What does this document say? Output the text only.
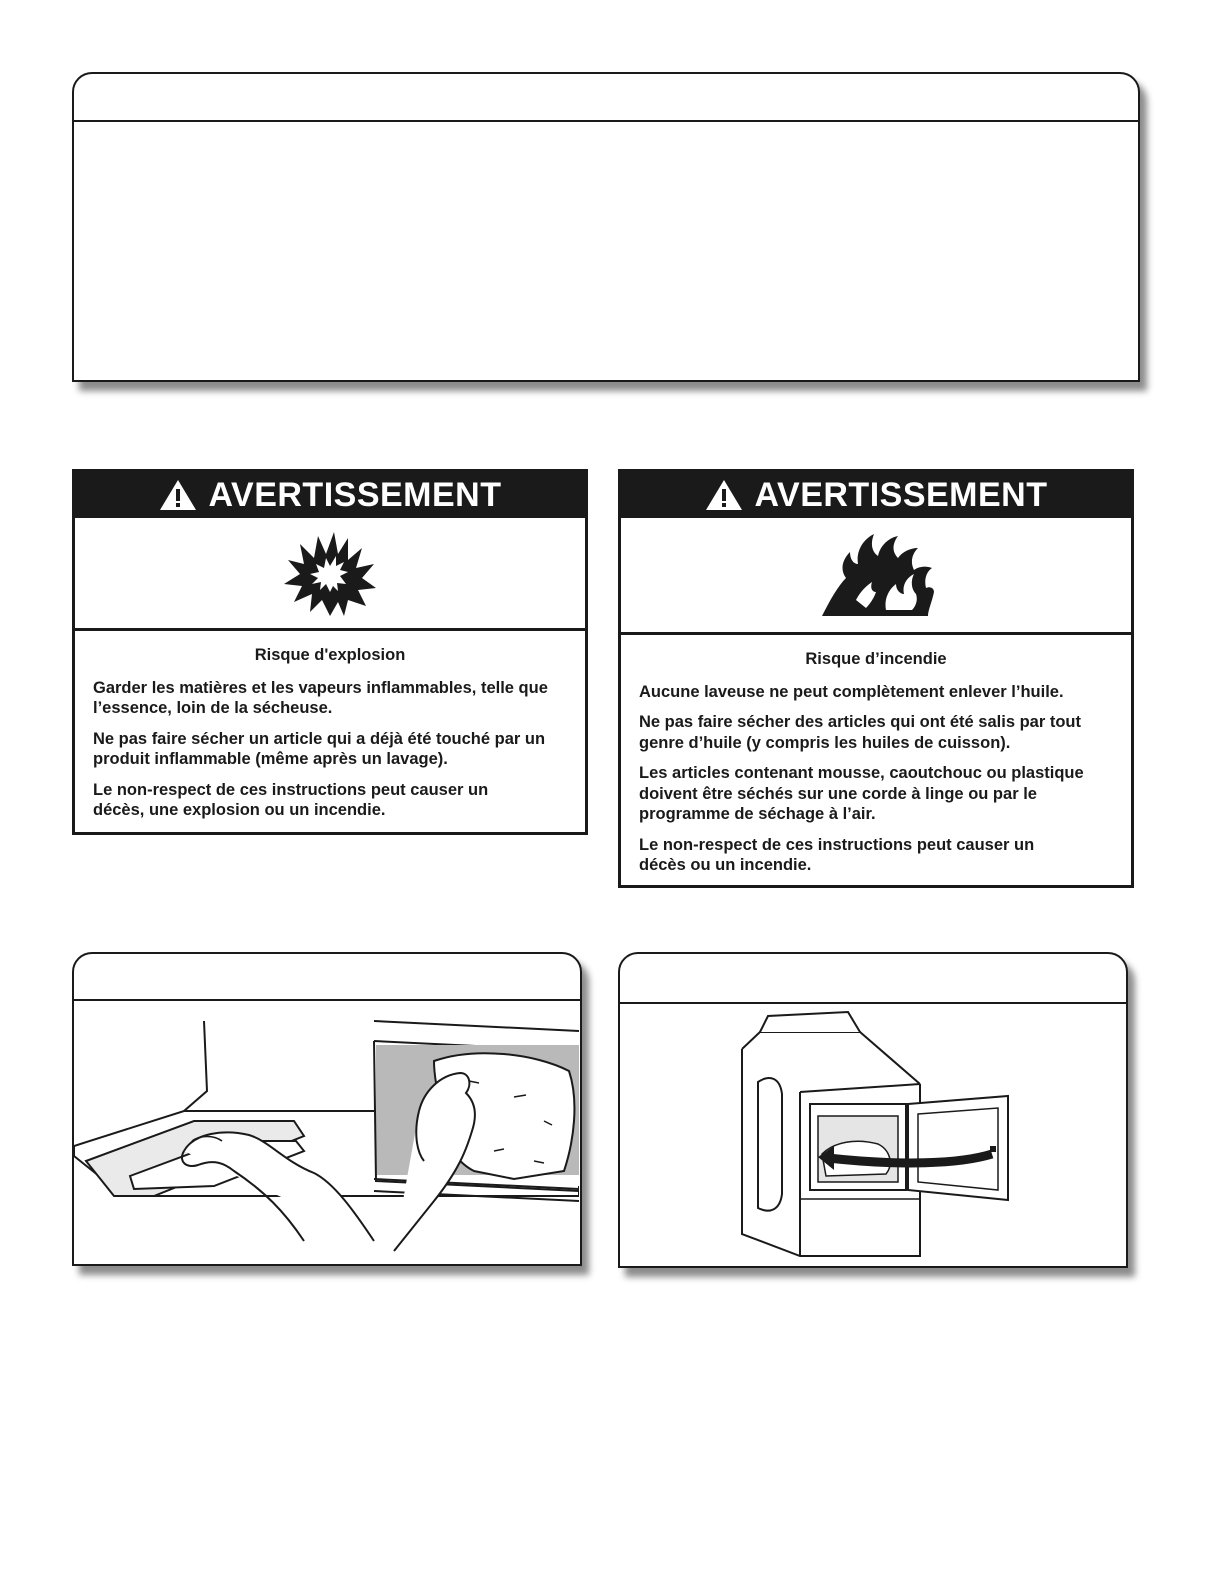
AVERTISSEMENT
Risque d'explosion

Garder les matières et les vapeurs inflammables, telle que l’essence, loin de la sécheuse.

Ne pas faire sécher un article qui a déjà été touché par un produit inflammable (même après un lavage).

Le non-respect de ces instructions peut causer un décès, une explosion ou un incendie.

AVERTISSEMENT
Risque d’incendie

Aucune laveuse ne peut complètement enlever l’huile.

Ne pas faire sécher des articles qui ont été salis par tout genre d’huile (y compris les huiles de cuisson).

Les articles contenant mousse, caoutchouc ou plastique doivent être séchés sur une corde à linge ou par le programme de séchage à l’air.

Le non-respect de ces instructions peut causer un décès ou un incendie.
